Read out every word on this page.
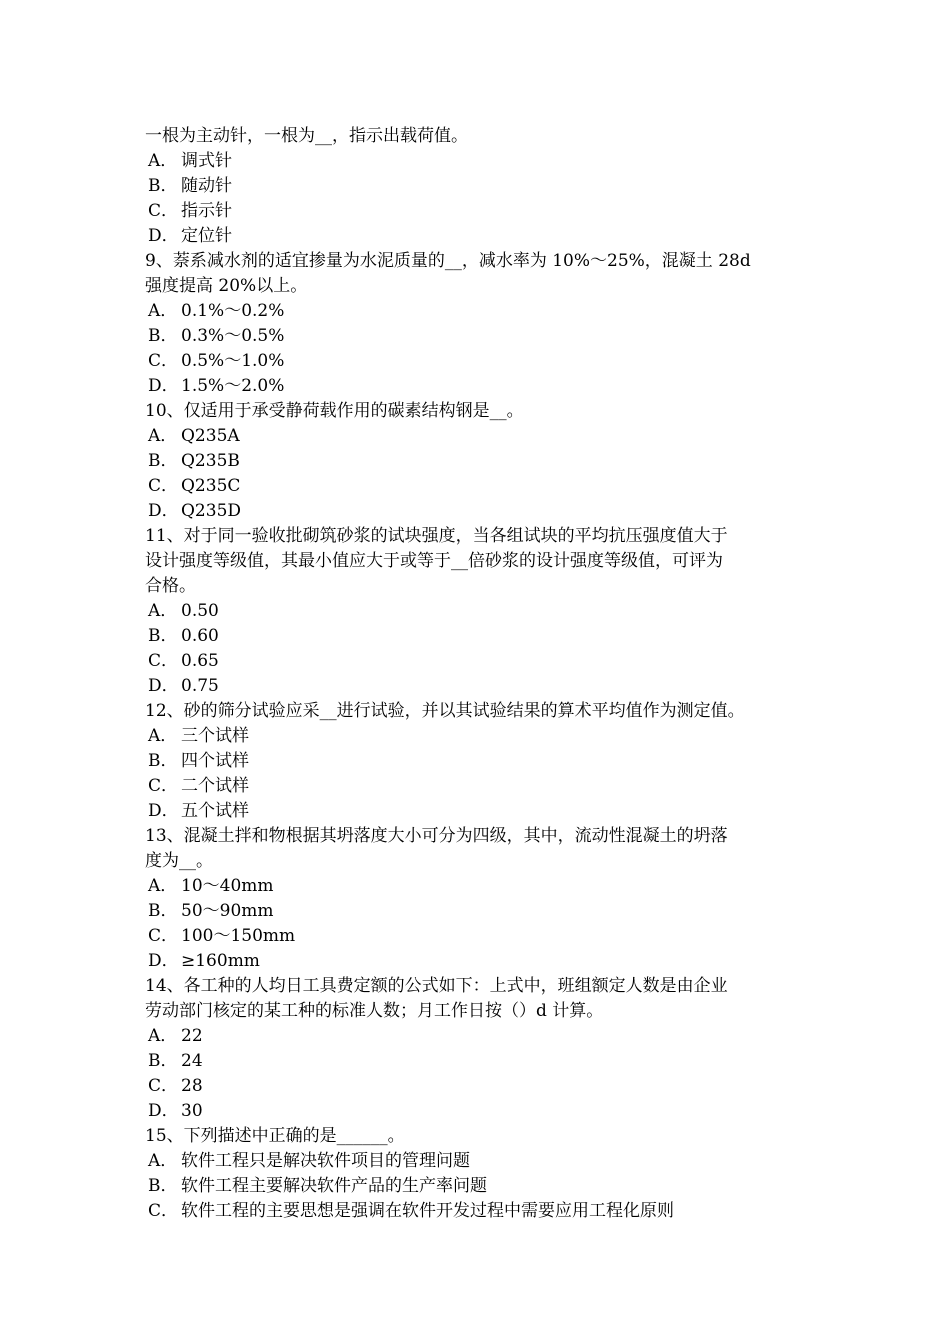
一根为主动针，一根为__，指示出载荷值。
A． 调式针
B． 随动针
C． 指示针
D． 定位针
9、萘系减水剂的适宜掺量为水泥质量的__，减水率为 10%～25%，混凝土 28d
强度提高 20%以上。
A． 0.1%～0.2%
B． 0.3%～0.5%
C． 0.5%～1.0%
D． 1.5%～2.0%
10、仅适用于承受静荷载作用的碳素结构钢是__。
A． Q235A
B． Q235B
C． Q235C
D． Q235D
11、对于同一验收批砌筑砂浆的试块强度，当各组试块的平均抗压强度值大于
设计强度等级值，其最小值应大于或等于__倍砂浆的设计强度等级值，可评为
合格。
A． 0.50
B． 0.60
C． 0.65
D． 0.75
12、砂的筛分试验应采__进行试验，并以其试验结果的算术平均值作为测定值。
A． 三个试样
B． 四个试样
C． 二个试样
D． 五个试样
13、混凝土拌和物根据其坍落度大小可分为四级，其中，流动性混凝土的坍落
度为__。
A． 10～40mm
B． 50～90mm
C． 100～150mm
D． ≥160mm
14、各工种的人均日工具费定额的公式如下：上式中，班组额定人数是由企业
劳动部门核定的某工种的标准人数；月工作日按（）d 计算。
A． 22
B． 24
C． 28
D． 30
15、下列描述中正确的是______。
A． 软件工程只是解决软件项目的管理问题
B． 软件工程主要解决软件产品的生产率问题
C． 软件工程的主要思想是强调在软件开发过程中需要应用工程化原则
